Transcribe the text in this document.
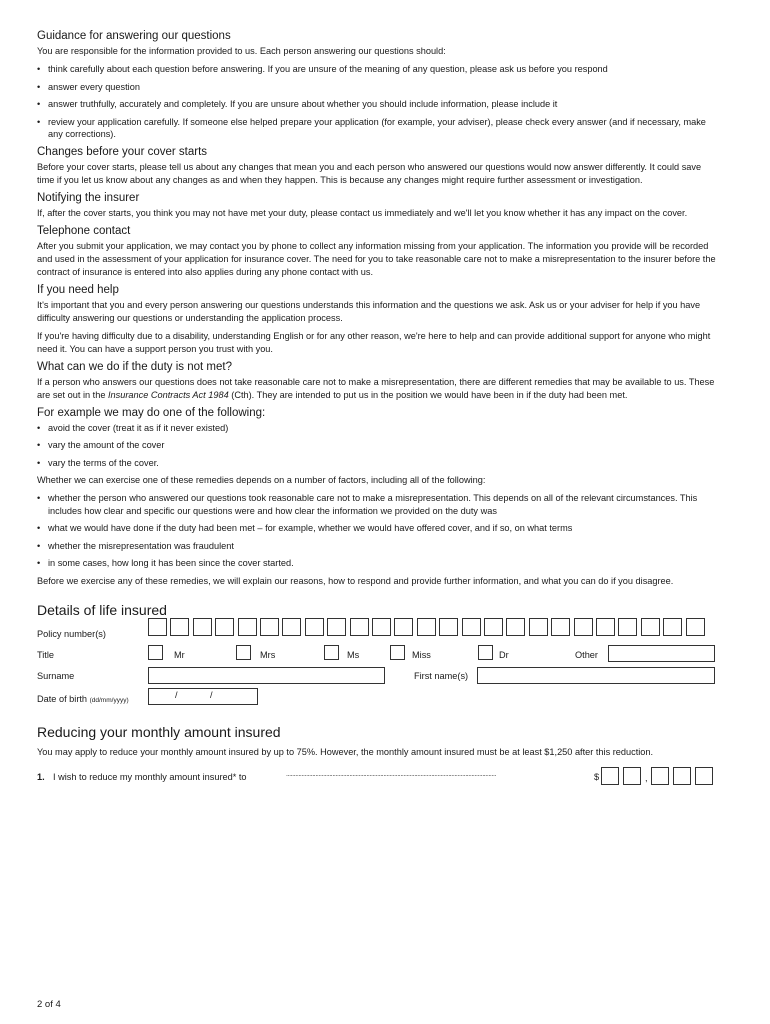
Guidance for answering our questions

You are responsible for the information provided to us. Each person answering our questions should:

• think carefully about each question before answering. If you are unsure of the meaning of any question, please ask us before you respond
• answer every question
• answer truthfully, accurately and completely. If you are unsure about whether you should include information, please include it
• review your application carefully. If someone else helped prepare your application (for example, your adviser), please check every answer (and if necessary, make any corrections).
Changes before your cover starts

Before your cover starts, please tell us about any changes that mean you and each person who answered our questions would now answer differently. It could save time if you let us know about any changes as and when they happen. This is because any changes might require further assessment or investigation.

Notifying the insurer

If, after the cover starts, you think you may not have met your duty, please contact us immediately and we'll let you know whether it has any impact on the cover.

Telephone contact

After you submit your application, we may contact you by phone to collect any information missing from your application. The information you provide will be recorded and used in the assessment of your application for insurance cover. The need for you to take reasonable care not to make a misrepresentation to the insurer before the contract of insurance is entered into also applies during any phone contact with us.

If you need help

It's important that you and every person answering our questions understands this information and the questions we ask. Ask us or your adviser for help if you have difficulty answering our questions or understanding the application process.

If you're having difficulty due to a disability, understanding English or for any other reason, we're here to help and can provide additional support for anyone who might need it. You can have a support person you trust with you.

What can we do if the duty is not met?

If a person who answers our questions does not take reasonable care not to make a misrepresentation, there are different remedies that may be available to us. These are set out in the Insurance Contracts Act 1984 (Cth). They are intended to put us in the position we would have been in if the duty had been met.

For example we may do one of the following:
• avoid the cover (treat it as if it never existed)
• vary the amount of the cover
• vary the terms of the cover.

Whether we can exercise one of these remedies depends on a number of factors, including all of the following:

• whether the person who answered our questions took reasonable care not to make a misrepresentation. This depends on all of the relevant circumstances. This includes how clear and specific our questions were and how clear the information we provided on the duty was
• what we would have done if the duty had been met – for example, whether we would have offered cover, and if so, on what terms
• whether the misrepresentation was fraudulent
• in some cases, how long it has been since the cover started.

Before we exercise any of these remedies, we will explain our reasons, how to respond and provide further information, and what you can do if you disagree.

Details of life insured
Policy number(s)
Title	Mr	Mrs	Ms	Miss	Dr	Other
Surname	First name(s)
Date of birth (dd/mm/yyyy)
/	/
Reducing your monthly amount insured

You may apply to reduce your monthly amount insured by up to 75%. However, the monthly amount insured must be at least $1,250 after this reduction.

1. I wish to reduce my monthly amount insured* to	........................................................................................................................................	$	,
2 of 4
